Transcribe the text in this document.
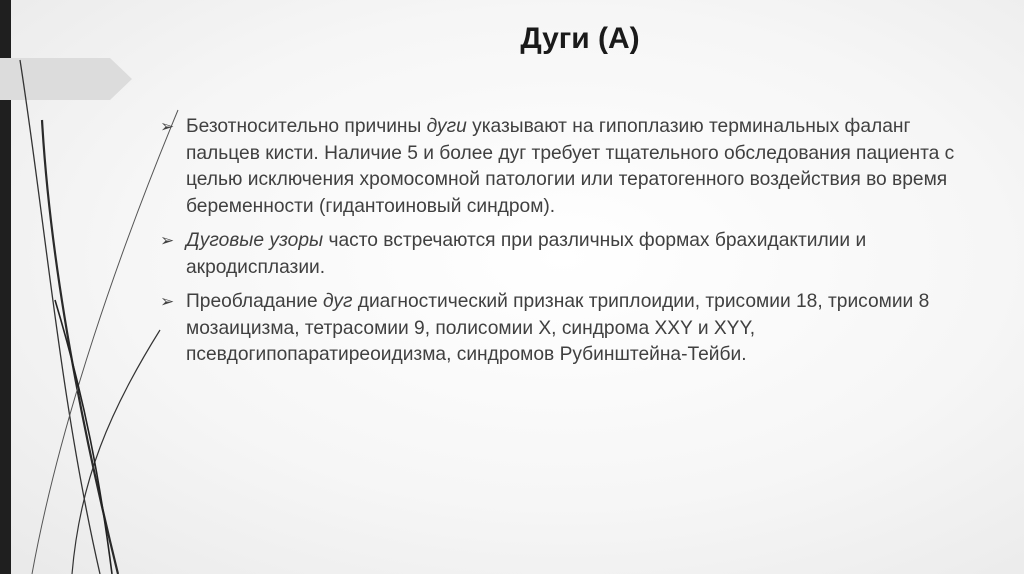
Дуги (А)
➢ Безотносительно причины дуги указывают на гипоплазию терминальных фаланг пальцев кисти. Наличие 5 и более дуг требует тщательного обследования пациента с целью исключения хромосомной патологии или тератогенного воздействия во время беременности (гидантоиновый синдром).
➢ Дуговые узоры часто встречаются при различных формах брахидактилии и акродисплазии.
➢ Преобладание дуг диагностический признак триплоидии, трисомии 18, трисомии 8 мозаицизма, тетрасомии 9, полисомии X, синдрома XXY и XYY, псевдогипопаратиреоидизма, синдромов Рубинштейна-Тейби.
